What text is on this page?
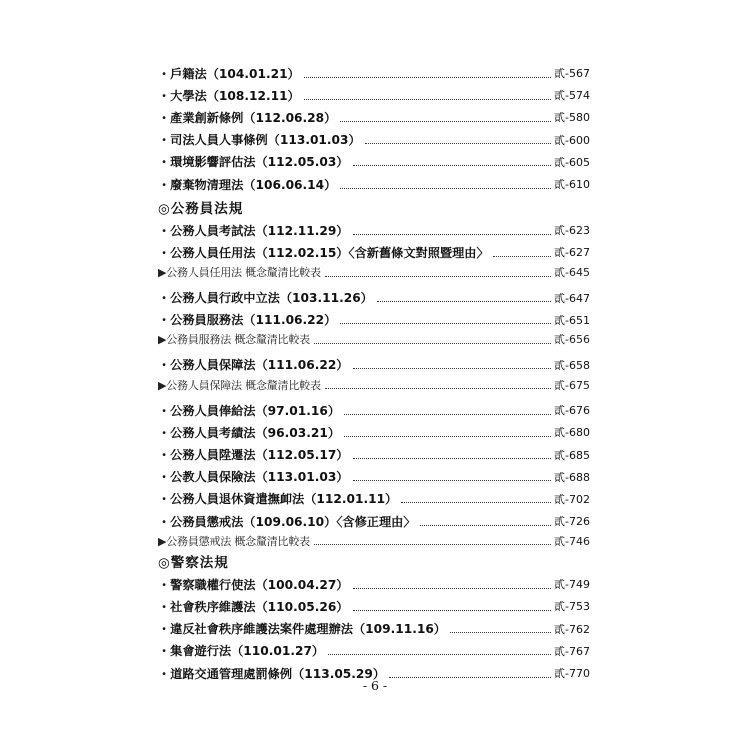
・戶籍法（104.01.21）	貳-567
・大學法（108.12.11）	貳-574
・產業創新條例（112.06.28）	貳-580
・司法人員人事條例（113.01.03）	貳-600
・環境影響評估法（112.05.03）	貳-605
・廢棄物清理法（106.06.14）	貳-610
◎公務員法規
・公務人員考試法（112.11.29）	貳-623
・公務人員任用法（112.02.15）〈含新舊條文對照暨理由〉	貳-627
▶公務人員任用法 概念釐清比較表	貳-645
・公務人員行政中立法（103.11.26）	貳-647
・公務員服務法（111.06.22）	貳-651
▶公務員服務法 概念釐清比較表	貳-656
・公務人員保障法（111.06.22）	貳-658
▶公務人員保障法 概念釐清比較表	貳-675
・公務人員俸給法（97.01.16）	貳-676
・公務人員考績法（96.03.21）	貳-680
・公務人員陞遷法（112.05.17）	貳-685
・公教人員保險法（113.01.03）	貳-688
・公務人員退休資遣撫卹法（112.01.11）	貳-702
・公務員懲戒法（109.06.10）〈含修正理由〉	貳-726
▶公務員懲戒法 概念釐清比較表	貳-746
◎警察法規
・警察職權行使法（100.04.27）	貳-749
・社會秩序維護法（110.05.26）	貳-753
・違反社會秩序維護法案件處理辦法（109.11.16）	貳-762
・集會遊行法（110.01.27）	貳-767
・道路交通管理處罰條例（113.05.29）	貳-770
- 6 -
